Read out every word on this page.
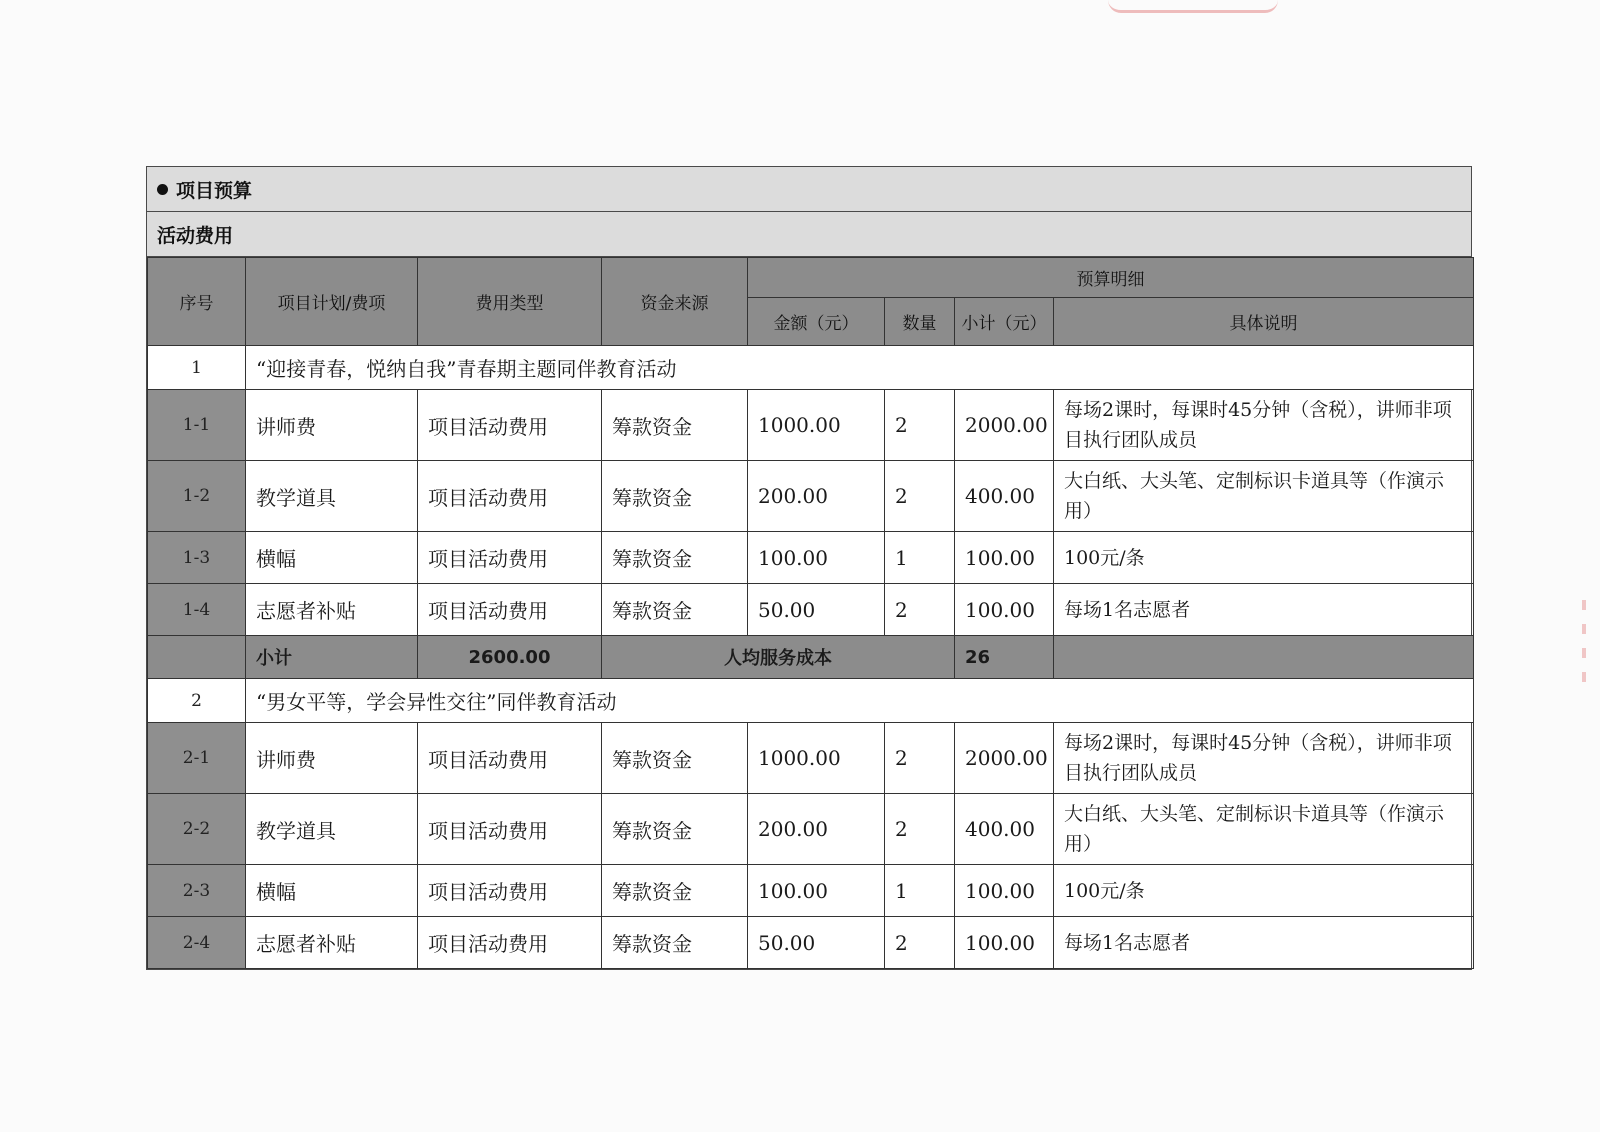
项目预算
活动费用
序号	项目计划/费项	费用类型	资金来源	预算明细			
				金额（元）	数量	小计（元）	具体说明
1	“迎接青春，悦纳自我”青春期主题同伴教育活动						
1-1	讲师费	项目活动费用	筹款资金	1000.00	2	2000.00	每场2课时，每课时45分钟（含税），讲师非项目执行团队成员
1-2	教学道具	项目活动费用	筹款资金	200.00	2	400.00	大白纸、大头笔、定制标识卡道具等（作演示用）
1-3	横幅	项目活动费用	筹款资金	100.00	1	100.00	100元/条
1-4	志愿者补贴	项目活动费用	筹款资金	50.00	2	100.00	每场1名志愿者
	小计	2600.00	人均服务成本			26	
2	“男女平等，学会异性交往”同伴教育活动						
2-1	讲师费	项目活动费用	筹款资金	1000.00	2	2000.00	每场2课时，每课时45分钟（含税），讲师非项目执行团队成员
2-2	教学道具	项目活动费用	筹款资金	200.00	2	400.00	大白纸、大头笔、定制标识卡道具等（作演示用）
2-3	横幅	项目活动费用	筹款资金	100.00	1	100.00	100元/条
2-4	志愿者补贴	项目活动费用	筹款资金	50.00	2	100.00	每场1名志愿者
